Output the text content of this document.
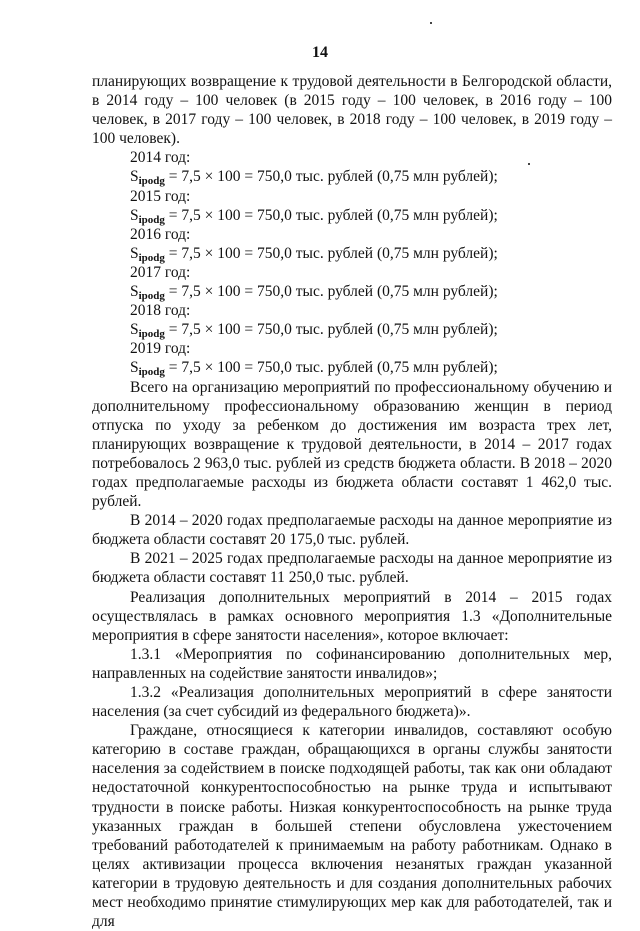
14

планирующих возвращение к трудовой деятельности в Белгородской области, в 2014 году – 100 человек (в 2015 году – 100 человек, в 2016 году – 100 человек, в 2017 году – 100 человек, в 2018 году – 100 человек, в 2019 году – 100 человек).

2014 год:

$S_{ipodg} = 7,5 \times 100 = 750,0$ тыс. рублей (0,75 млн рублей);

2015 год:

$S_{ipodg} = 7,5 \times 100 = 750,0$ тыс. рублей (0,75 млн рублей);

2016 год:

$S_{ipodg} = 7,5 \times 100 = 750,0$ тыс. рублей (0,75 млн рублей);

2017 год:

$S_{ipodg} = 7,5 \times 100 = 750,0$ тыс. рублей (0,75 млн рублей);

2018 год:

$S_{ipodg} = 7,5 \times 100 = 750,0$ тыс. рублей (0,75 млн рублей);

2019 год:

$S_{ipodg} = 7,5 \times 100 = 750,0$ тыс. рублей (0,75 млн рублей);

Всего на организацию мероприятий по профессиональному обучению и дополнительному профессиональному образованию женщин в период отпуска по уходу за ребенком до достижения им возраста трех лет, планирующих возвращение к трудовой деятельности, в 2014 – 2017 годах потребовалось 2 963,0 тыс. рублей из средств бюджета области. В 2018 – 2020 годах предполагаемые расходы из бюджета области составят 1 462,0 тыс. рублей.

В 2014 – 2020 годах предполагаемые расходы на данное мероприятие из бюджета области составят 20 175,0 тыс. рублей.

В 2021 – 2025 годах предполагаемые расходы на данное мероприятие из бюджета области составят 11 250,0 тыс. рублей.

Реализация дополнительных мероприятий в 2014 – 2015 годах осуществлялась в рамках основного мероприятия 1.3 «Дополнительные мероприятия в сфере занятости населения», которое включает:

1.3.1 «Мероприятия по софинансированию дополнительных мер, направленных на содействие занятости инвалидов»;

1.3.2 «Реализация дополнительных мероприятий в сфере занятости населения (за счет субсидий из федерального бюджета)».

Граждане, относящиеся к категории инвалидов, составляют особую категорию в составе граждан, обращающихся в органы службы занятости населения за содействием в поиске подходящей работы, так как они обладают недостаточной конкурентоспособностью на рынке труда и испытывают трудности в поиске работы. Низкая конкурентоспособность на рынке труда указанных граждан в большей степени обусловлена ужесточением требований работодателей к принимаемым на работу работникам. Однако в целях активизации процесса включения незанятых граждан указанной категории в трудовую деятельность и для создания дополнительных рабочих мест необходимо принятие стимулирующих мер как для работодателей, так и для
